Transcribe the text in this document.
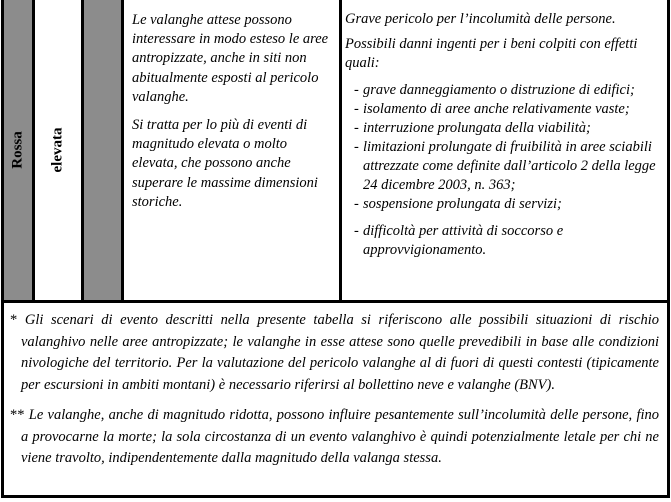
Rossa elevata

Le valanghe attese possono interessare in modo esteso le aree antropizzate, anche in siti non abitualmente esposti al pericolo valanghe.

Si tratta per lo più di eventi di magnitudo elevata o molto elevata, che possono anche superare le massime dimensioni storiche.

Grave pericolo per l’incolumità delle persone.

Possibili danni ingenti per i beni colpiti con effetti quali:

- grave danneggiamento o distruzione di edifici;
- isolamento di aree anche relativamente vaste;
- interruzione prolungata della viabilità;
- limitazioni prolungate di fruibilità in aree sciabili attrezzate come definite dall’articolo 2 della legge 24 dicembre 2003, n. 363;
- sospensione prolungata di servizi;
- difficoltà per attività di soccorso e approvvigionamento.
* Gli scenari di evento descritti nella presente tabella si riferiscono alle possibili situazioni di rischio valanghivo nelle aree antropizzate; le valanghe in esse attese sono quelle prevedibili in base alle condizioni nivologiche del territorio. Per la valutazione del pericolo valanghe al di fuori di questi contesti (tipicamente per escursioni in ambiti montani) è necessario riferirsi al bollettino neve e valanghe (BNV).
** Le valanghe, anche di magnitudo ridotta, possono influire pesantemente sull’incolumità delle persone, fino a provocarne la morte; la sola circostanza di un evento valanghivo è quindi potenzialmente letale per chi ne viene travolto, indipendentemente dalla magnitudo della valanga stessa.
